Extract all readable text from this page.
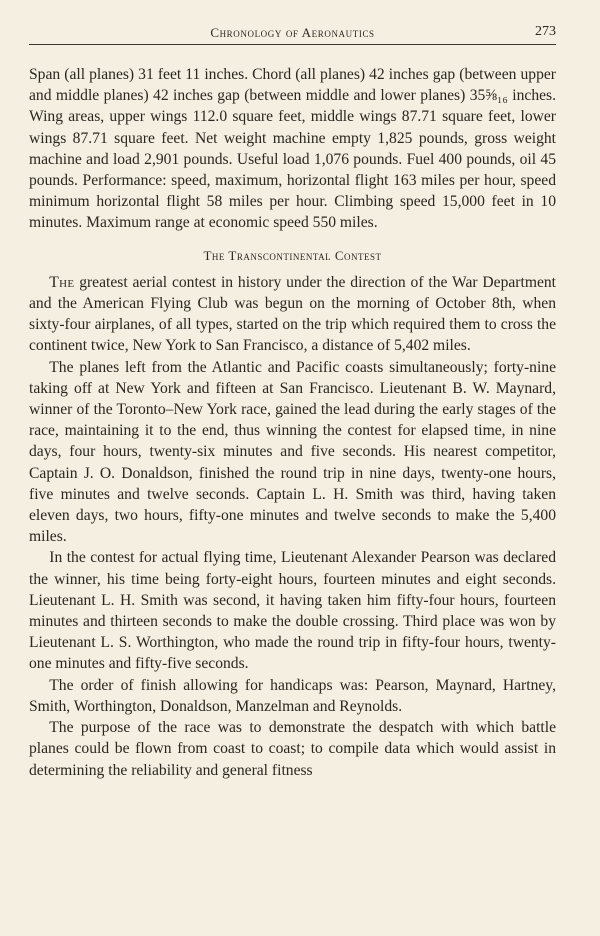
Chronology of Aeronautics	273

Span (all planes) 31 feet 11 inches. Chord (all planes) 42 inches gap (between upper and middle planes) 42 inches gap (between middle and lower planes) 35⅝₁₆ inches. Wing areas, upper wings 112.0 square feet, middle wings 87.71 square feet, lower wings 87.71 square feet. Net weight machine empty 1,825 pounds, gross weight machine and load 2,901 pounds. Useful load 1,076 pounds. Fuel 400 pounds, oil 45 pounds. Performance: speed, maximum, horizontal flight 163 miles per hour, speed minimum horizontal flight 58 miles per hour. Climbing speed 15,000 feet in 10 minutes. Maximum range at economic speed 550 miles.

The Transcontinental Contest

The greatest aerial contest in history under the direction of the War Department and the American Flying Club was begun on the morning of October 8th, when sixty-four airplanes, of all types, started on the trip which required them to cross the continent twice, New York to San Francisco, a distance of 5,402 miles.

The planes left from the Atlantic and Pacific coasts simultaneously; forty-nine taking off at New York and fifteen at San Francisco. Lieutenant B. W. Maynard, winner of the Toronto–New York race, gained the lead during the early stages of the race, maintaining it to the end, thus winning the contest for elapsed time, in nine days, four hours, twenty-six minutes and five seconds. His nearest competitor, Captain J. O. Donaldson, finished the round trip in nine days, twenty-one hours, five minutes and twelve seconds. Captain L. H. Smith was third, having taken eleven days, two hours, fifty-one minutes and twelve seconds to make the 5,400 miles.

In the contest for actual flying time, Lieutenant Alexander Pearson was declared the winner, his time being forty-eight hours, fourteen minutes and eight seconds. Lieutenant L. H. Smith was second, it having taken him fifty-four hours, fourteen minutes and thirteen seconds to make the double crossing. Third place was won by Lieutenant L. S. Worthington, who made the round trip in fifty-four hours, twenty-one minutes and fifty-five seconds.

The order of finish allowing for handicaps was: Pearson, Maynard, Hartney, Smith, Worthington, Donaldson, Manzelman and Reynolds.

The purpose of the race was to demonstrate the despatch with which battle planes could be flown from coast to coast; to compile data which would assist in determining the reliability and general fitness
